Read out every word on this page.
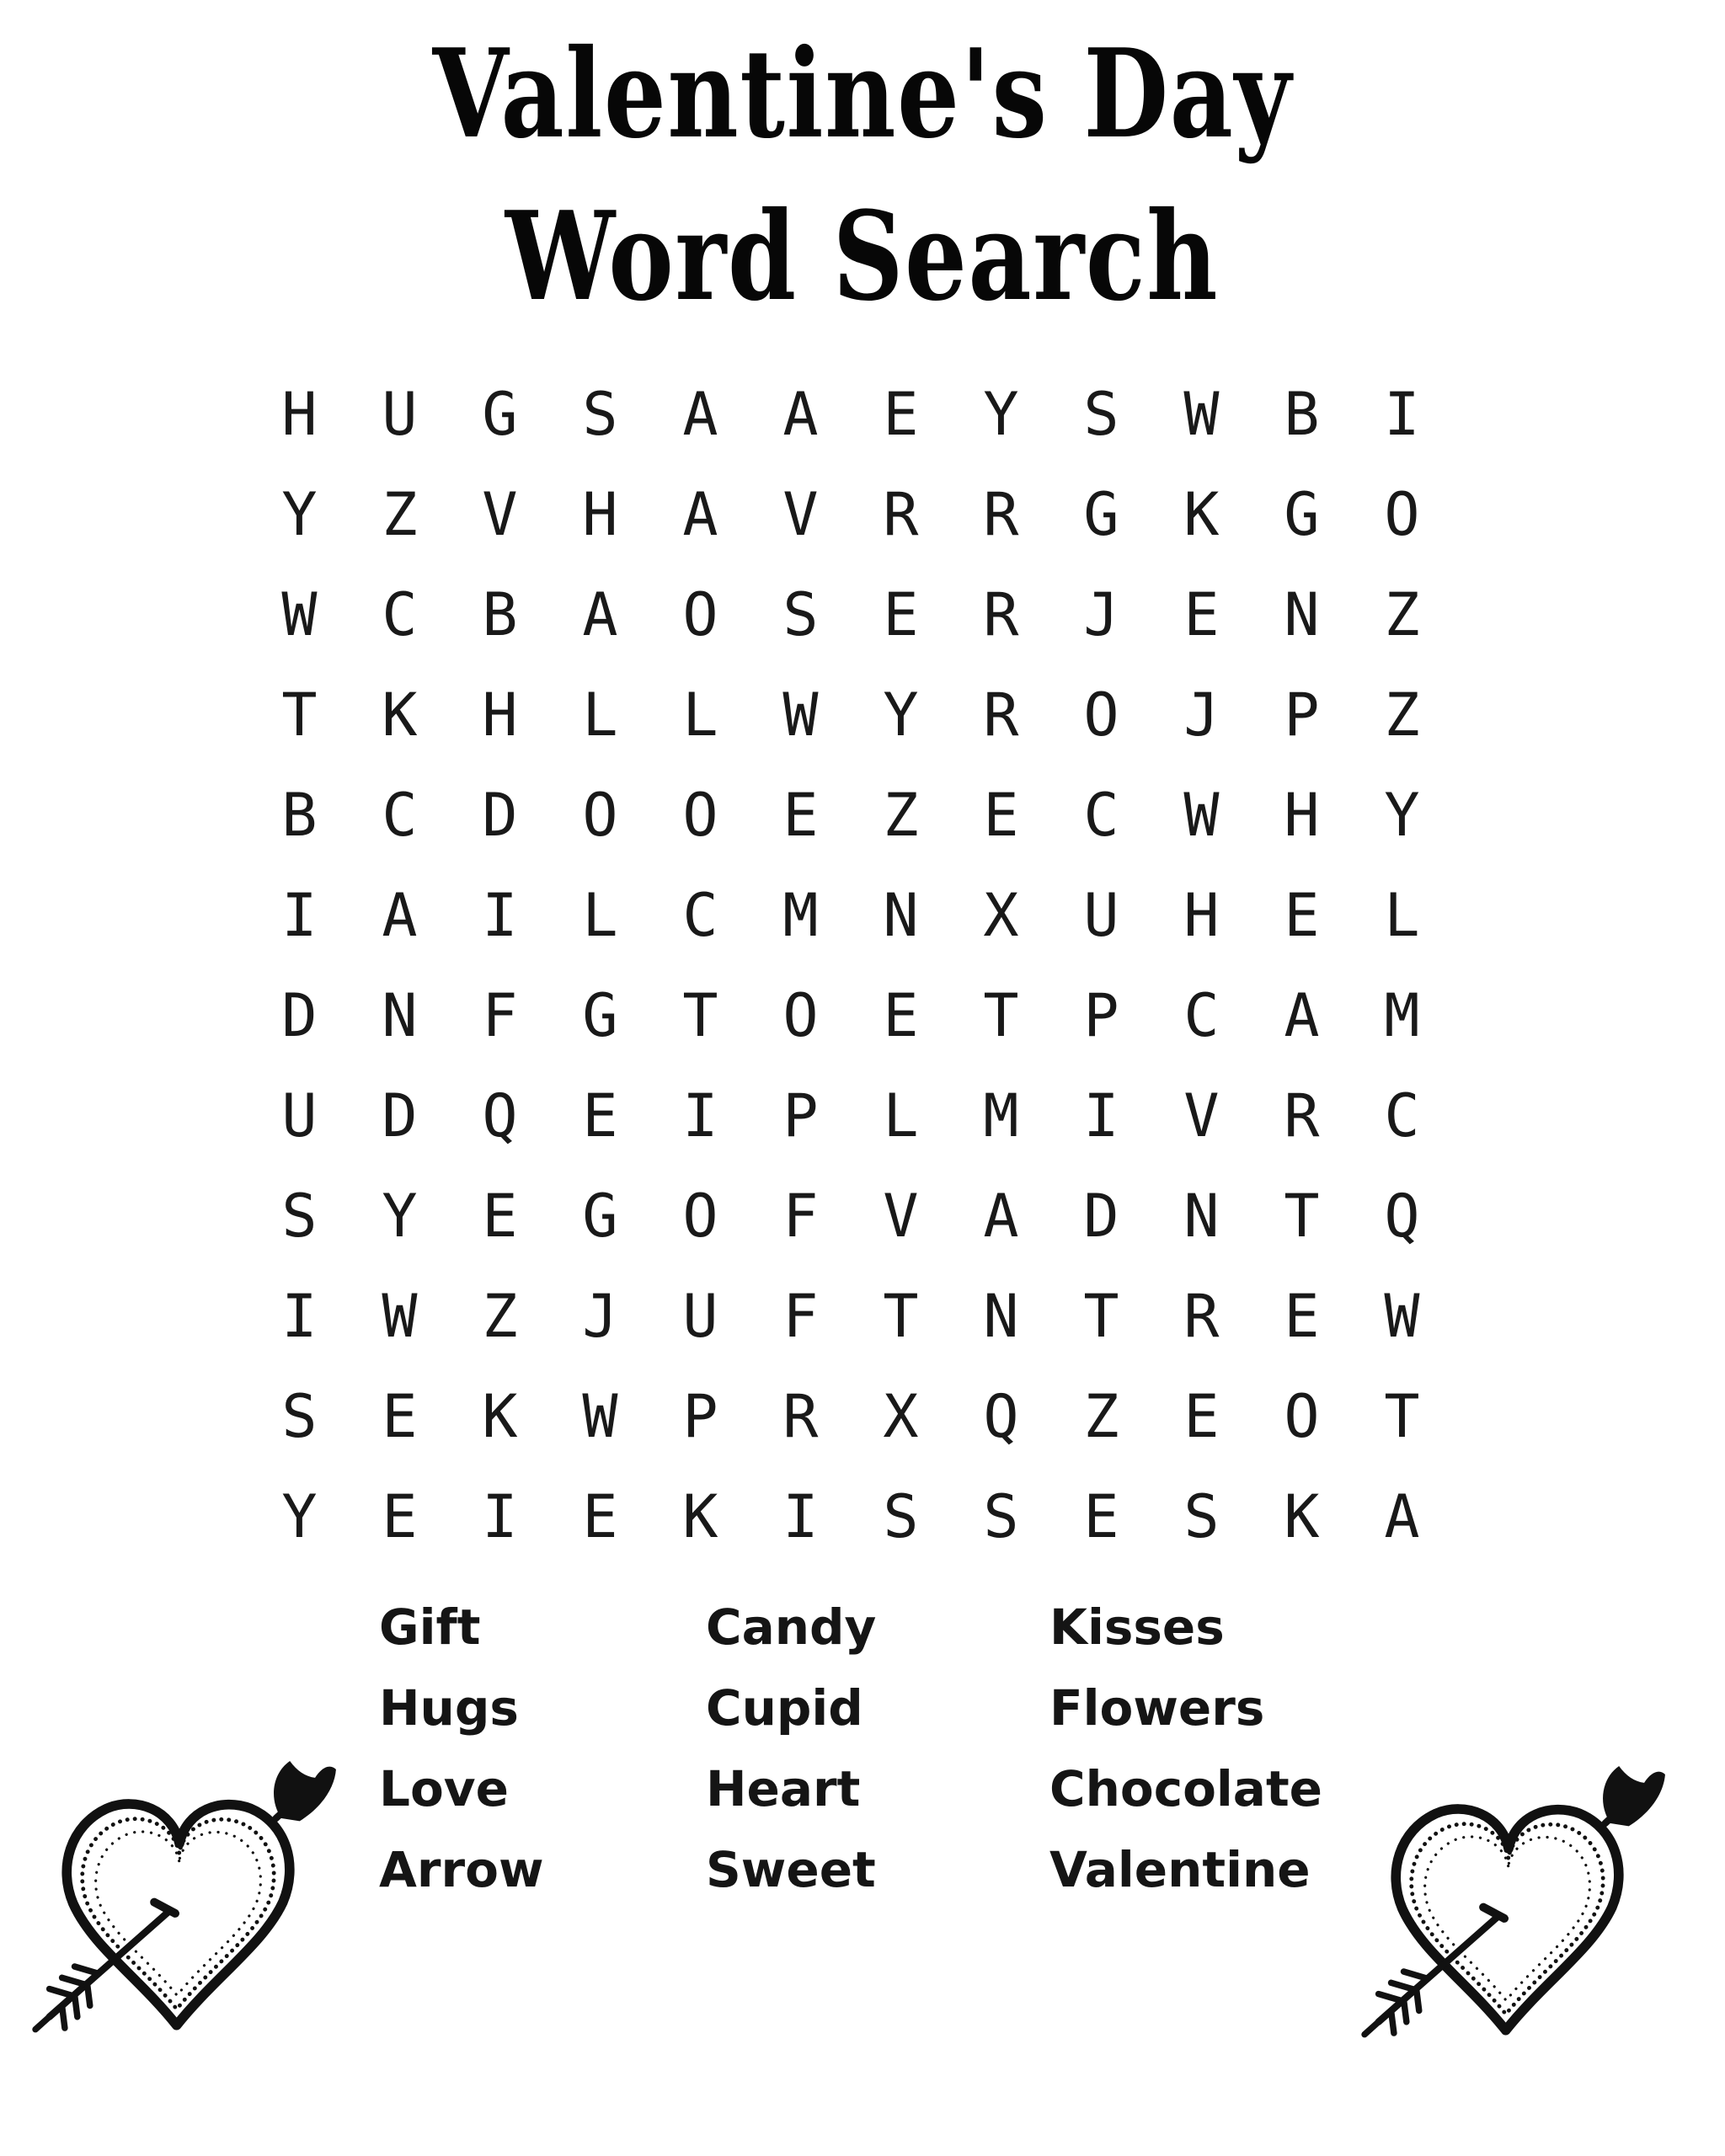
Valentine's Day
Word Search
H	U	G	S	A	A	E	Y	S	W	B	I
Y	Z	V	H	A	V	R	R	G	K	G	O
W	C	B	A	O	S	E	R	J	E	N	Z
T	K	H	L	L	W	Y	R	O	J	P	Z
B	C	D	O	O	E	Z	E	C	W	H	Y
I	A	I	L	C	M	N	X	U	H	E	L
D	N	F	G	T	O	E	T	P	C	A	M
U	D	Q	E	I	P	L	M	I	V	R	C
S	Y	E	G	O	F	V	A	D	N	T	Q
I	W	Z	J	U	F	T	N	T	R	E	W
S	E	K	W	P	R	X	Q	Z	E	O	T
Y	E	I	E	K	I	S	S	E	S	K	A
Gift
Hugs
Love
Arrow
Candy
Cupid
Heart
Sweet
Kisses
Flowers
Chocolate
Valentine
